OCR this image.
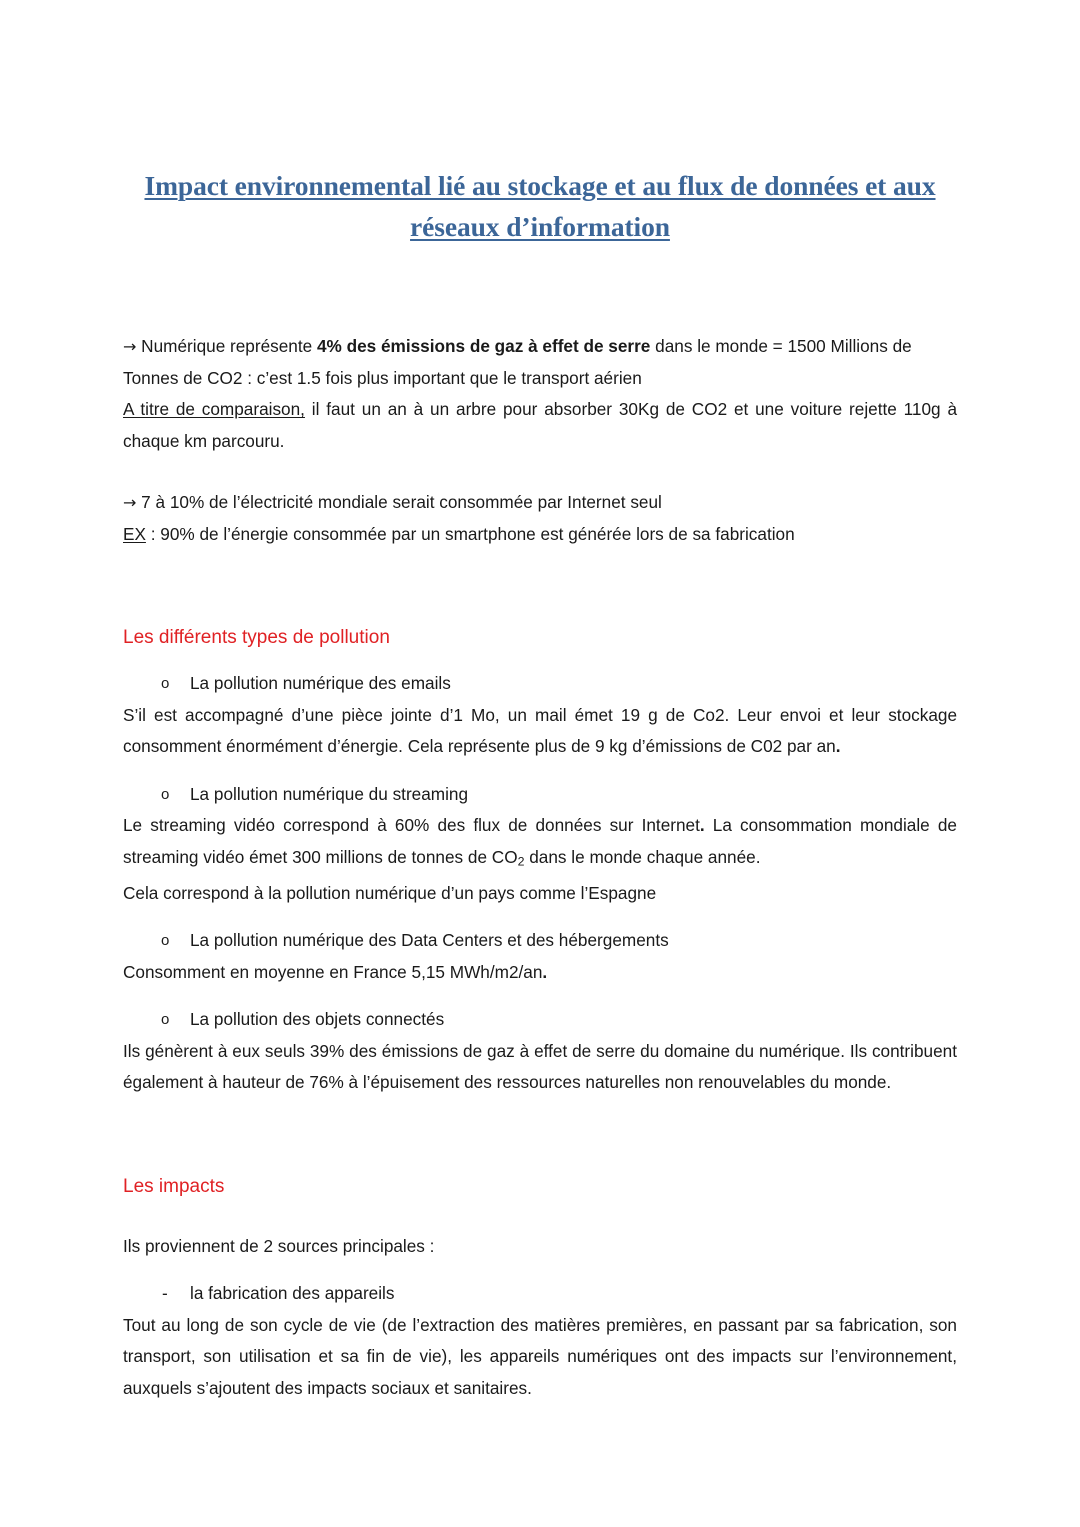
Impact environnemental lié au stockage et au flux de données et aux
réseaux d’information
→ Numérique représente 4% des émissions de gaz à effet de serre dans le monde = 1500 Millions de Tonnes de CO2 : c’est 1.5 fois plus important que le transport aérien
A titre de comparaison, il faut un an à un arbre pour absorber 30Kg de CO2 et une voiture rejette 110g à chaque km parcouru.
→ 7 à 10% de l’électricité mondiale serait consommée par Internet seul
EX : 90% de l’énergie consommée par un smartphone est générée lors de sa fabrication
Les différents types de pollution
o La pollution numérique des emails
S’il est accompagné d’une pièce jointe d’1 Mo, un mail émet 19 g de Co2. Leur envoi et leur stockage consomment énormément d’énergie. Cela représente plus de 9 kg d’émissions de C02 par an.
o La pollution numérique du streaming
Le streaming vidéo correspond à 60% des flux de données sur Internet. La consommation mondiale de streaming vidéo émet 300 millions de tonnes de $CO_2$ dans le monde chaque année.
Cela correspond à la pollution numérique d’un pays comme l’Espagne
o La pollution numérique des Data Centers et des hébergements
Consomment en moyenne en France 5,15 MWh/m2/an.
o La pollution des objets connectés
Ils génèrent à eux seuls 39% des émissions de gaz à effet de serre du domaine du numérique. Ils contribuent également à hauteur de 76% à l’épuisement des ressources naturelles non renouvelables du monde.
Les impacts
Ils proviennent de 2 sources principales :
- la fabrication des appareils
Tout au long de son cycle de vie (de l’extraction des matières premières, en passant par sa fabrication, son transport, son utilisation et sa fin de vie), les appareils numériques ont des impacts sur l’environnement, auxquels s’ajoutent des impacts sociaux et sanitaires.
